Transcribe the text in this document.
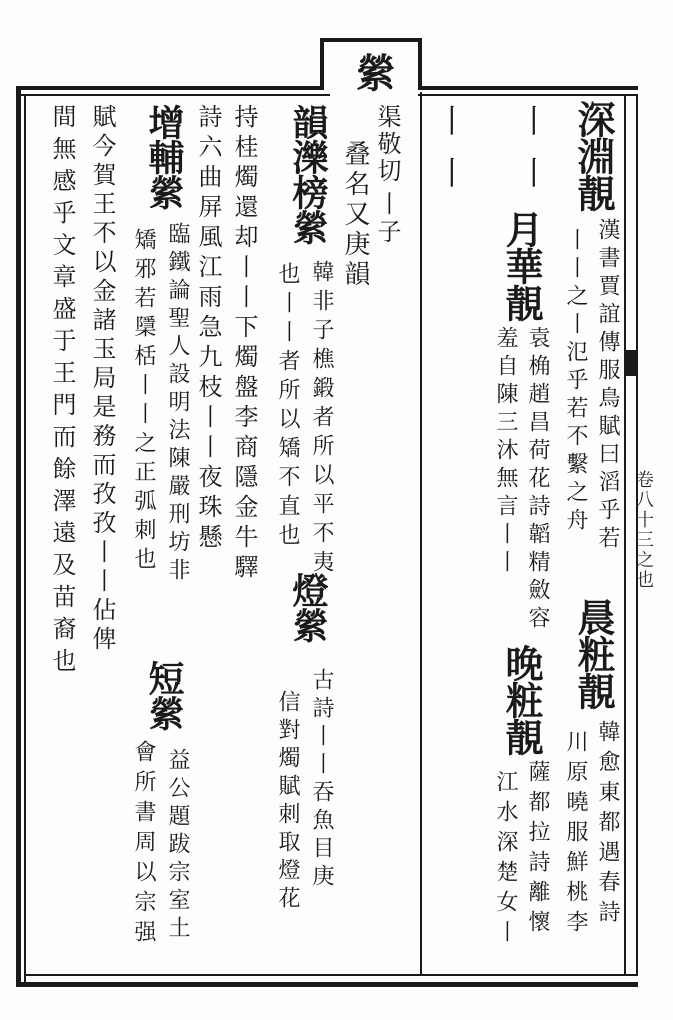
卷八十三之也
縈
渠敬切
丨子
叠名又庚韻	深淵靚
漢書賈誼傳服鳥賦曰滔乎若
丨丨之丨氾乎若不繫之舟
晨粧靚
韓愈東都遇春詩
川原曉服鮮桃李
丨丨
月華靚
袁桷趙昌荷花詩韜精斂容
羞自陳三沐無言丨丨
晚粧靚
薩都拉詩離懷
江水深楚女丨
丨丨
韻濼榜縈
韓非子樵鍛者所以平不夷
燈縈
古詩丨丨吞魚目庚
也丨丨者所以矯不直也
信對燭賦刺取燈花
持桂燭還却丨丨下燭盤李商隱金牛驛
詩六曲屏風江雨急九枝丨丨夜珠懸
增輔縈
臨鐵論聖人設明法陳嚴刑坊非
短縈
益公題跋宗室土
矯邪若檃栝丨丨之正弧刺也
會所書周以宗强
賦今賀王不以金諸玉局是務而孜孜丨丨佔俾
間無感乎文章盛于王門而餘澤遠及苗裔也
